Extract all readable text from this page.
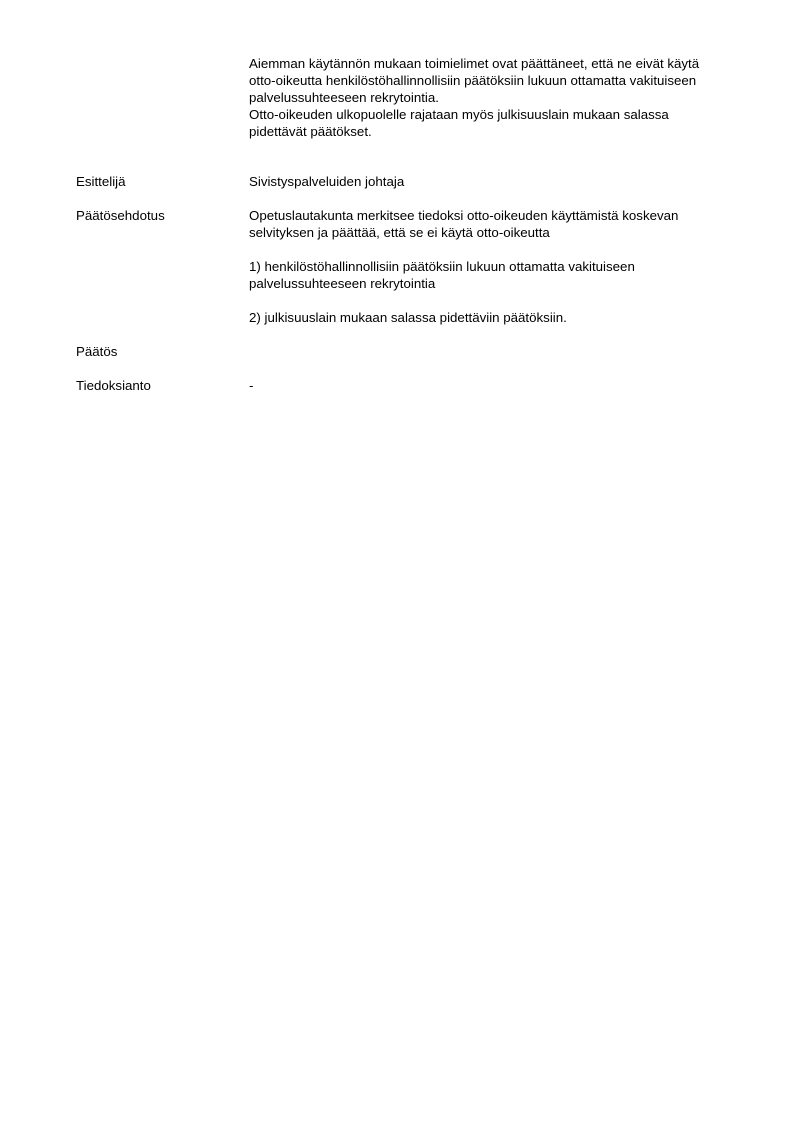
Aiemman käytännön mukaan toimielimet ovat päättäneet, että ne eivät käytä otto-oikeutta henkilöstöhallinnollisiin päätöksiin lukuun ottamatta vakituiseen palvelussuhteeseen rekrytointia.

Otto-oikeuden ulkopuolelle rajataan myös julkisuuslain mukaan salassa pidettävät päätökset.

Esittelijä	Sivistyspalveluiden johtaja
Päätösehdotus	Opetuslautakunta merkitsee tiedoksi otto-oikeuden käyttämistä koskevan selvityksen ja päättää, että se ei käytä otto-oikeutta

1) henkilöstöhallinnollisiin päätöksiin lukuun ottamatta vakituiseen palvelussuhteeseen rekrytointia

2) julkisuuslain mukaan salassa pidettäviin päätöksiin.

Päätös
Tiedoksianto	-
